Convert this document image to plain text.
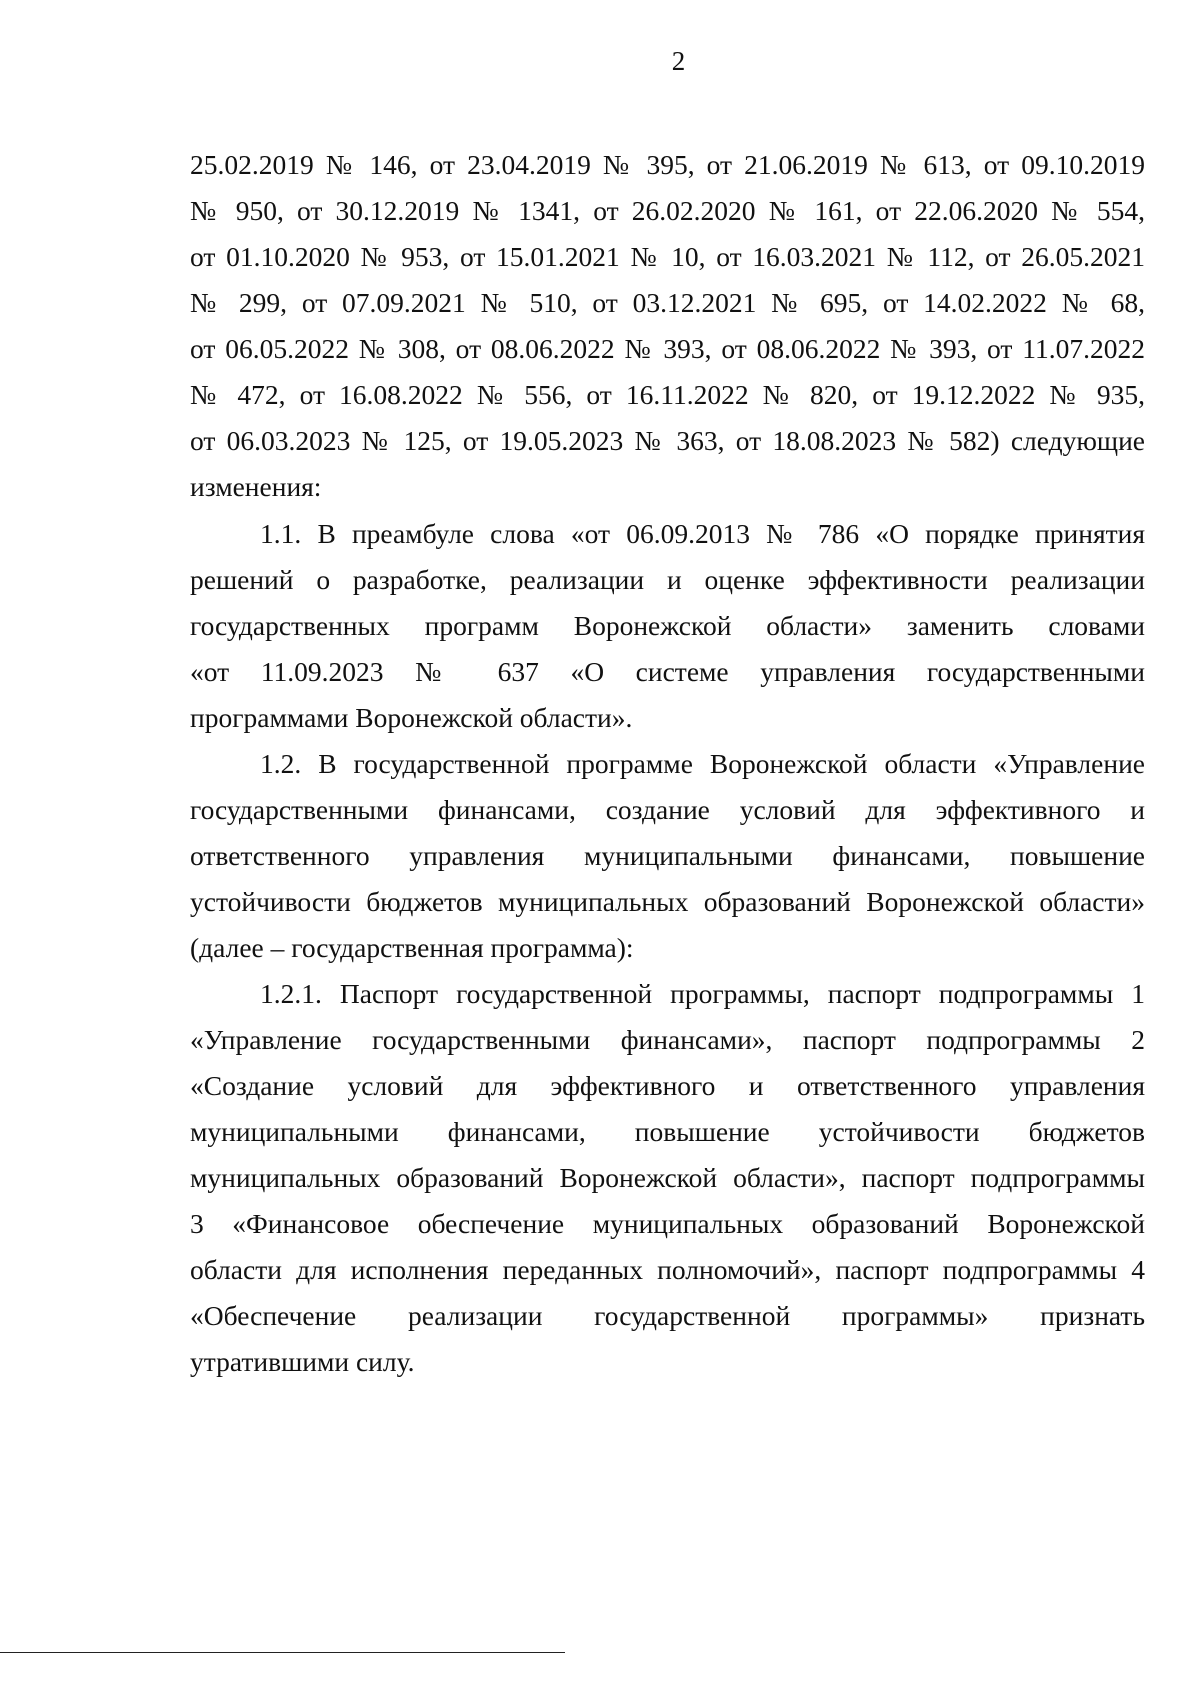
2
25.02.2019 № 146, от 23.04.2019 № 395, от 21.06.2019 № 613, от 09.10.2019
№ 950, от 30.12.2019 № 1341, от 26.02.2020 № 161, от 22.06.2020 № 554,
от 01.10.2020 № 953, от 15.01.2021 № 10, от 16.03.2021 № 112, от 26.05.2021
№ 299, от 07.09.2021 № 510, от 03.12.2021 № 695, от 14.02.2022 № 68,
от 06.05.2022 № 308, от 08.06.2022 № 393, от 08.06.2022 № 393, от 11.07.2022
№ 472, от 16.08.2022 № 556, от 16.11.2022 № 820, от 19.12.2022 № 935,
от 06.03.2023 № 125, от 19.05.2023 № 363, от 18.08.2023 № 582) следующие
изменения:
1.1. В преамбуле слова «от 06.09.2013 № 786 «О порядке принятия
решений о разработке, реализации и оценке эффективности реализации
государственных программ Воронежской области» заменить словами
«от 11.09.2023 № 637 «О системе управления государственными
программами Воронежской области».
1.2. В государственной программе Воронежской области «Управление
государственными финансами, создание условий для эффективного и
ответственного управления муниципальными финансами, повышение
устойчивости бюджетов муниципальных образований Воронежской области»
(далее – государственная программа):
1.2.1. Паспорт государственной программы, паспорт подпрограммы 1
«Управление государственными финансами», паспорт подпрограммы 2
«Создание условий для эффективного и ответственного управления
муниципальными финансами, повышение устойчивости бюджетов
муниципальных образований Воронежской области», паспорт подпрограммы
3 «Финансовое обеспечение муниципальных образований Воронежской
области для исполнения переданных полномочий», паспорт подпрограммы 4
«Обеспечение реализации государственной программы» признать
утратившими силу.
